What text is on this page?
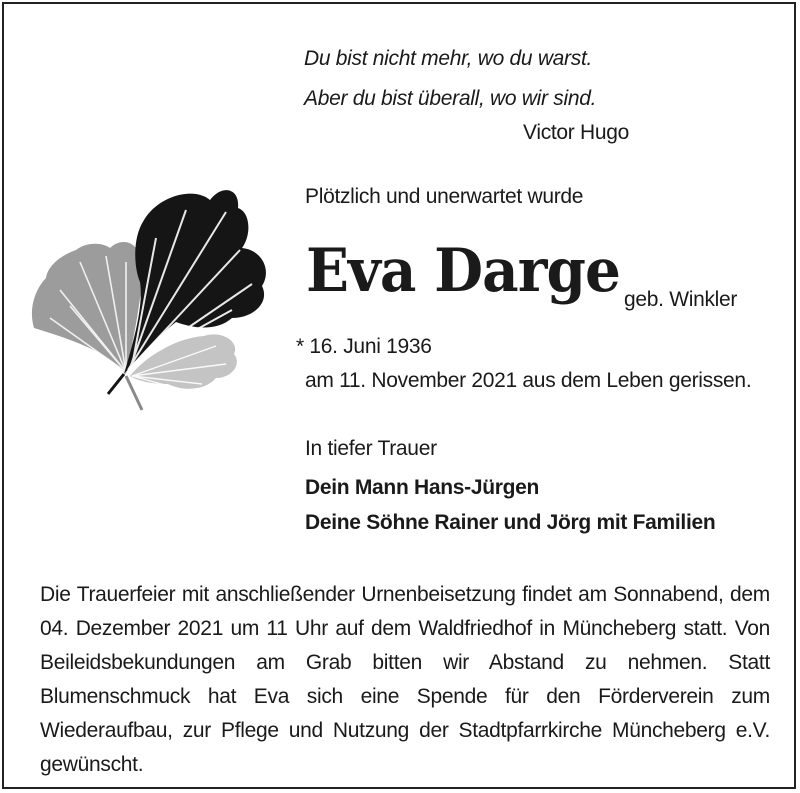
Du bist nicht mehr, wo du warst.
Aber du bist überall, wo wir sind.
Victor Hugo
Plötzlich und unerwartet wurde
Eva Darge geb. Winkler
* 16. Juni 1936
am 11. November 2021 aus dem Leben gerissen.
In tiefer Trauer
Dein Mann Hans-Jürgen
Deine Söhne Rainer und Jörg mit Familien
Die Trauerfeier mit anschließender Urnenbeisetzung findet am Sonnabend, dem 04. Dezember 2021 um 11 Uhr auf dem Waldfriedhof in Müncheberg statt. Von Beileidsbekundungen am Grab bitten wir Abstand zu nehmen. Statt Blumenschmuck hat Eva sich eine Spende für den Förderverein zum Wiederaufbau, zur Pflege und Nutzung der Stadtpfarrkirche Müncheberg e.V. gewünscht.
